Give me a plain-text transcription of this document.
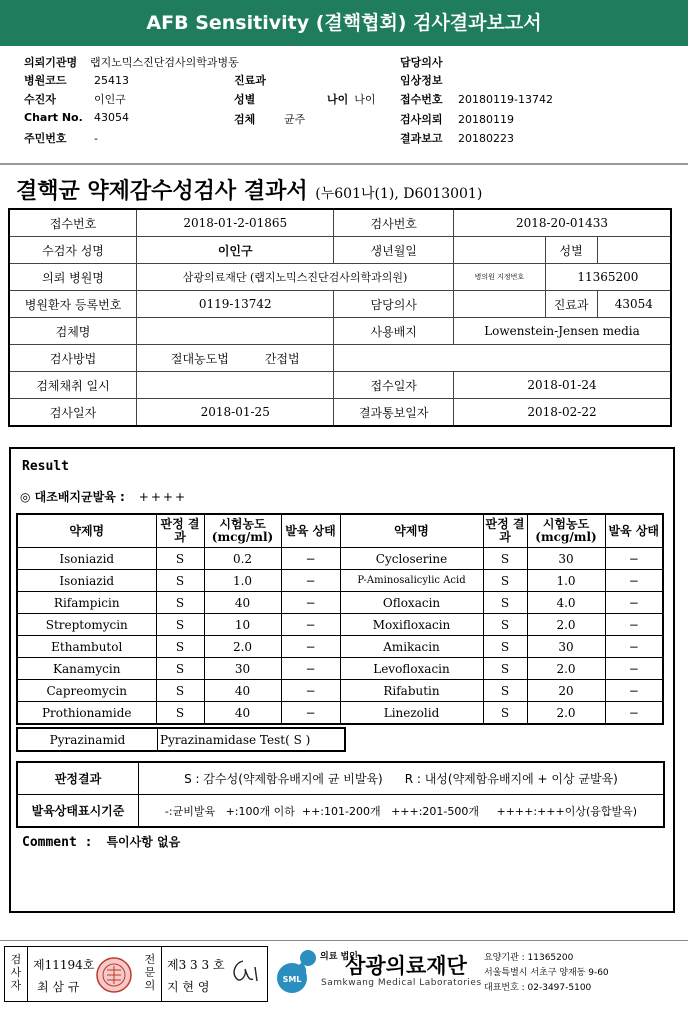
AFB Sensitivity (결핵협회) 검사결과보고서
의뢰기관명 랩지노믹스진단검사의학과병동
병원코드 25413
수진자	이인구
Chart No. 43054
주민번호 -
진료과
성별	나이 나이
검체	균주
담당의사
임상정보
접수번호 20180119-13742
검사의뢰 20180119
결과보고 20180223
결핵균 약제감수성검사 결과서 (누601나(1), D6013001)
접수번호	2018-01-2-01865	검사번호	2018-20-01433		
수검자 성명	이인구	생년월일		성별	
의뢰 병원명	삼광의료재단 (랩지노믹스진단검사의학과의원)		병의원 지정번호	11365200	
병원환자 등록번호	0119-13742	담당의사		진료과	43054
검체명		사용배지	Lowenstein-Jensen media		
검사방법	절대농도법 간접법				
검체채취 일시		접수일자	2018-01-24		
검사일자	2018-01-25	결과통보일자	2018-02-22		
Result
◎ 대조배지균발육 : ++++
약제명	판정 결과	시험농도 (mcg/ml)	발육 상태	약제명	판정 결과	시험농도 (mcg/ml)	발육 상태
Isoniazid	S	0.2	−	Cycloserine	S	30	−
Isoniazid	S	1.0	−	P-Aminosalicylic Acid	S	1.0	−
Rifampicin	S	40	−	Ofloxacin	S	4.0	−
Streptomycin	S	10	−	Moxifloxacin	S	2.0	−
Ethambutol	S	2.0	−	Amikacin	S	30	−
Kanamycin	S	30	−	Levofloxacin	S	2.0	−
Capreomycin	S	40	−	Rifabutin	S	20	−
Prothionamide	S	40	−	Linezolid	S	2.0	−
Pyrazinamid	Pyrazinamidase Test( S )
판정결과	S : 감수성(약제함유배지에 균 비발육) R : 내성(약제함유배지에 + 이상 균발육)
발육상태표시기준	-:균비발육   +:100개 이하  ++:101-200개   +++:201-500개     ++++:+++이상(융합발육)
Comment : 특이사항 없음
검사자
제11194호
최 삼 규
전문의
제3 3 3 호
지 현 영
SML
의료 법인 삼광의료재단
Samkwang Medical Laboratories
요양기관 : 11365200
서울특별시 서초구 양재동 9-60
대표번호 : 02-3497-5100
